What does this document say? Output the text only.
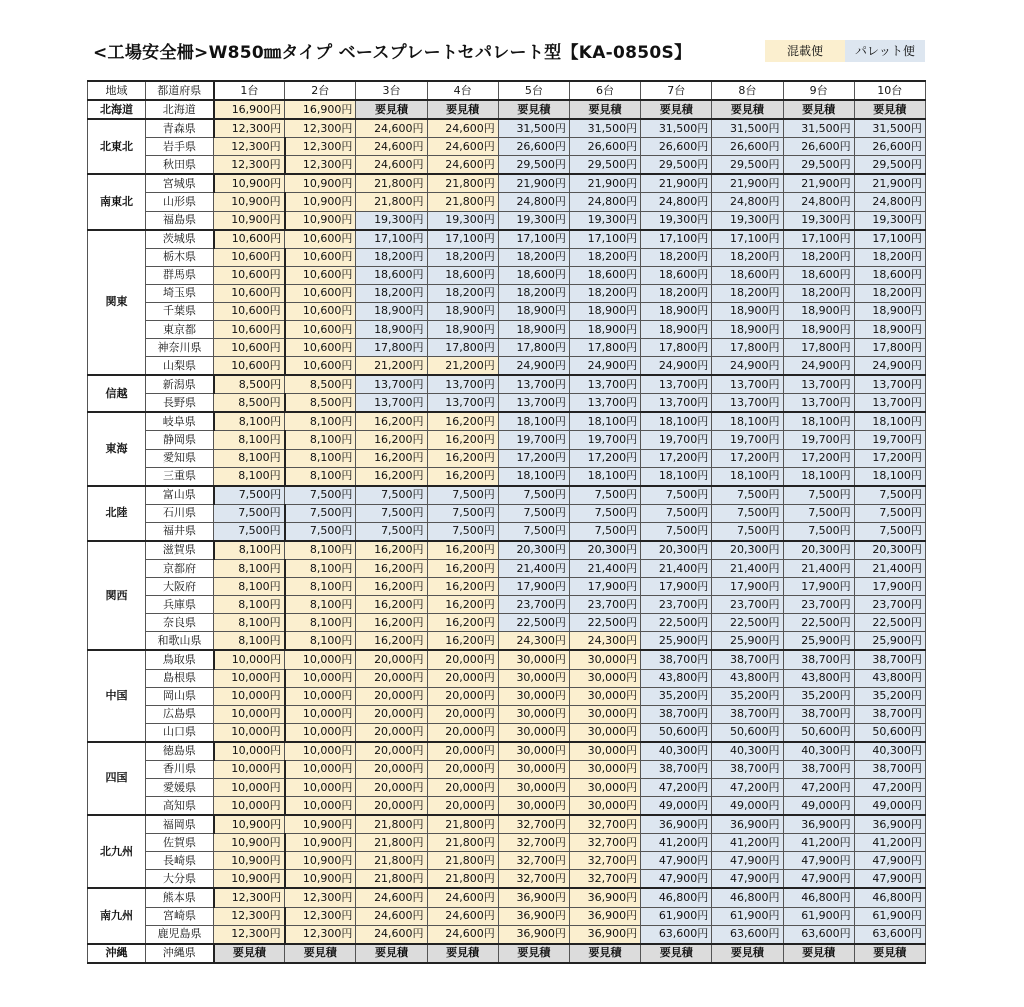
<工場安全柵>W850㎜タイプ ベースプレートセパレート型【KA-0850S】	混載便	パレット便
地域	都道府県	1台	2台	3台	4台	5台	6台	7台	8台	9台	10台
北海道	北海道	16,900円	16,900円	要見積	要見積	要見積	要見積	要見積	要見積	要見積	要見積
北東北	青森県	12,300円	12,300円	24,600円	24,600円	31,500円	31,500円	31,500円	31,500円	31,500円	31,500円
	岩手県	12,300円	12,300円	24,600円	24,600円	26,600円	26,600円	26,600円	26,600円	26,600円	26,600円
	秋田県	12,300円	12,300円	24,600円	24,600円	29,500円	29,500円	29,500円	29,500円	29,500円	29,500円
南東北	宮城県	10,900円	10,900円	21,800円	21,800円	21,900円	21,900円	21,900円	21,900円	21,900円	21,900円
	山形県	10,900円	10,900円	21,800円	21,800円	24,800円	24,800円	24,800円	24,800円	24,800円	24,800円
	福島県	10,900円	10,900円	19,300円	19,300円	19,300円	19,300円	19,300円	19,300円	19,300円	19,300円
関東	茨城県	10,600円	10,600円	17,100円	17,100円	17,100円	17,100円	17,100円	17,100円	17,100円	17,100円
	栃木県	10,600円	10,600円	18,200円	18,200円	18,200円	18,200円	18,200円	18,200円	18,200円	18,200円
	群馬県	10,600円	10,600円	18,600円	18,600円	18,600円	18,600円	18,600円	18,600円	18,600円	18,600円
	埼玉県	10,600円	10,600円	18,200円	18,200円	18,200円	18,200円	18,200円	18,200円	18,200円	18,200円
	千葉県	10,600円	10,600円	18,900円	18,900円	18,900円	18,900円	18,900円	18,900円	18,900円	18,900円
	東京都	10,600円	10,600円	18,900円	18,900円	18,900円	18,900円	18,900円	18,900円	18,900円	18,900円
	神奈川県	10,600円	10,600円	17,800円	17,800円	17,800円	17,800円	17,800円	17,800円	17,800円	17,800円
	山梨県	10,600円	10,600円	21,200円	21,200円	24,900円	24,900円	24,900円	24,900円	24,900円	24,900円
信越	新潟県	8,500円	8,500円	13,700円	13,700円	13,700円	13,700円	13,700円	13,700円	13,700円	13,700円
	長野県	8,500円	8,500円	13,700円	13,700円	13,700円	13,700円	13,700円	13,700円	13,700円	13,700円
東海	岐阜県	8,100円	8,100円	16,200円	16,200円	18,100円	18,100円	18,100円	18,100円	18,100円	18,100円
	静岡県	8,100円	8,100円	16,200円	16,200円	19,700円	19,700円	19,700円	19,700円	19,700円	19,700円
	愛知県	8,100円	8,100円	16,200円	16,200円	17,200円	17,200円	17,200円	17,200円	17,200円	17,200円
	三重県	8,100円	8,100円	16,200円	16,200円	18,100円	18,100円	18,100円	18,100円	18,100円	18,100円
北陸	富山県	7,500円	7,500円	7,500円	7,500円	7,500円	7,500円	7,500円	7,500円	7,500円	7,500円
	石川県	7,500円	7,500円	7,500円	7,500円	7,500円	7,500円	7,500円	7,500円	7,500円	7,500円
	福井県	7,500円	7,500円	7,500円	7,500円	7,500円	7,500円	7,500円	7,500円	7,500円	7,500円
関西	滋賀県	8,100円	8,100円	16,200円	16,200円	20,300円	20,300円	20,300円	20,300円	20,300円	20,300円
	京都府	8,100円	8,100円	16,200円	16,200円	21,400円	21,400円	21,400円	21,400円	21,400円	21,400円
	大阪府	8,100円	8,100円	16,200円	16,200円	17,900円	17,900円	17,900円	17,900円	17,900円	17,900円
	兵庫県	8,100円	8,100円	16,200円	16,200円	23,700円	23,700円	23,700円	23,700円	23,700円	23,700円
	奈良県	8,100円	8,100円	16,200円	16,200円	22,500円	22,500円	22,500円	22,500円	22,500円	22,500円
	和歌山県	8,100円	8,100円	16,200円	16,200円	24,300円	24,300円	25,900円	25,900円	25,900円	25,900円
中国	鳥取県	10,000円	10,000円	20,000円	20,000円	30,000円	30,000円	38,700円	38,700円	38,700円	38,700円
	島根県	10,000円	10,000円	20,000円	20,000円	30,000円	30,000円	43,800円	43,800円	43,800円	43,800円
	岡山県	10,000円	10,000円	20,000円	20,000円	30,000円	30,000円	35,200円	35,200円	35,200円	35,200円
	広島県	10,000円	10,000円	20,000円	20,000円	30,000円	30,000円	38,700円	38,700円	38,700円	38,700円
	山口県	10,000円	10,000円	20,000円	20,000円	30,000円	30,000円	50,600円	50,600円	50,600円	50,600円
四国	徳島県	10,000円	10,000円	20,000円	20,000円	30,000円	30,000円	40,300円	40,300円	40,300円	40,300円
	香川県	10,000円	10,000円	20,000円	20,000円	30,000円	30,000円	38,700円	38,700円	38,700円	38,700円
	愛媛県	10,000円	10,000円	20,000円	20,000円	30,000円	30,000円	47,200円	47,200円	47,200円	47,200円
	高知県	10,000円	10,000円	20,000円	20,000円	30,000円	30,000円	49,000円	49,000円	49,000円	49,000円
北九州	福岡県	10,900円	10,900円	21,800円	21,800円	32,700円	32,700円	36,900円	36,900円	36,900円	36,900円
	佐賀県	10,900円	10,900円	21,800円	21,800円	32,700円	32,700円	41,200円	41,200円	41,200円	41,200円
	長崎県	10,900円	10,900円	21,800円	21,800円	32,700円	32,700円	47,900円	47,900円	47,900円	47,900円
	大分県	10,900円	10,900円	21,800円	21,800円	32,700円	32,700円	47,900円	47,900円	47,900円	47,900円
南九州	熊本県	12,300円	12,300円	24,600円	24,600円	36,900円	36,900円	46,800円	46,800円	46,800円	46,800円
	宮崎県	12,300円	12,300円	24,600円	24,600円	36,900円	36,900円	61,900円	61,900円	61,900円	61,900円
	鹿児島県	12,300円	12,300円	24,600円	24,600円	36,900円	36,900円	63,600円	63,600円	63,600円	63,600円
沖縄	沖縄県	要見積	要見積	要見積	要見積	要見積	要見積	要見積	要見積	要見積	要見積
